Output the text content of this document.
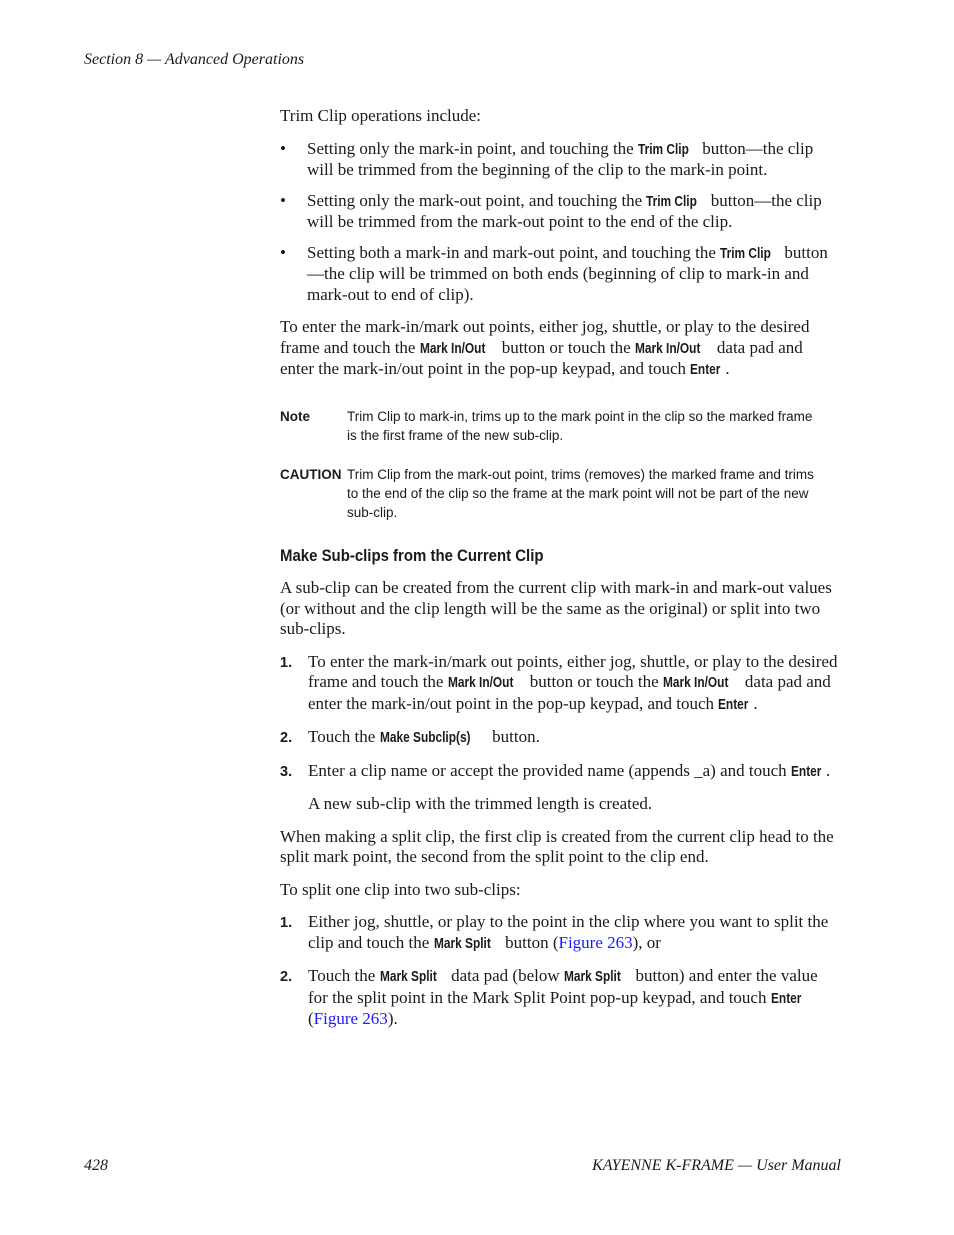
Section 8 — Advanced Operations

Trim Clip operations include:

• Setting only the mark-in point, and touching the Trim Clip button—the clip will be trimmed from the beginning of the clip to the mark-in point.
• Setting only the mark-out point, and touching the Trim Clip button—the clip will be trimmed from the mark-out point to the end of the clip.
• Setting both a mark-in and mark-out point, and touching the Trim Clip button—the clip will be trimmed on both ends (beginning of clip to mark-in and mark-out to end of clip).

To enter the mark-in/mark out points, either jog, shuttle, or play to the desired frame and touch the Mark In/Out button or touch the Mark In/Out data pad and enter the mark-in/out point in the pop-up keypad, and touch Enter .

Note	Trim Clip to mark-in, trims up to the mark point in the clip so the marked frame is the first frame of the new sub-clip.
CAUTION Trim Clip from the mark-out point, trims (removes) the marked frame and trims to the end of the clip so the frame at the mark point will not be part of the new sub-clip.
Make Sub-clips from the Current Clip

A sub-clip can be created from the current clip with mark-in and mark-out values (or without and the clip length will be the same as the original) or split into two sub-clips.

1. To enter the mark-in/mark out points, either jog, shuttle, or play to the desired frame and touch the Mark In/Out button or touch the Mark In/Out data pad and enter the mark-in/out point in the pop-up keypad, and touch Enter .
2. Touch the Make Subclip(s) button.
3. Enter a clip name or accept the provided name (appends _a) and touch Enter .

A new sub-clip with the trimmed length is created.

When making a split clip, the first clip is created from the current clip head to the split mark point, the second from the split point to the clip end.

To split one clip into two sub-clips:

1. Either jog, shuttle, or play to the point in the clip where you want to split the clip and touch the Mark Split button (Figure 263), or
2. Touch the Mark Split data pad (below Mark Split button) and enter the value for the split point in the Mark Split Point pop-up keypad, and touch Enter (Figure 263).
428	KAYENNE K-FRAME — User Manual
